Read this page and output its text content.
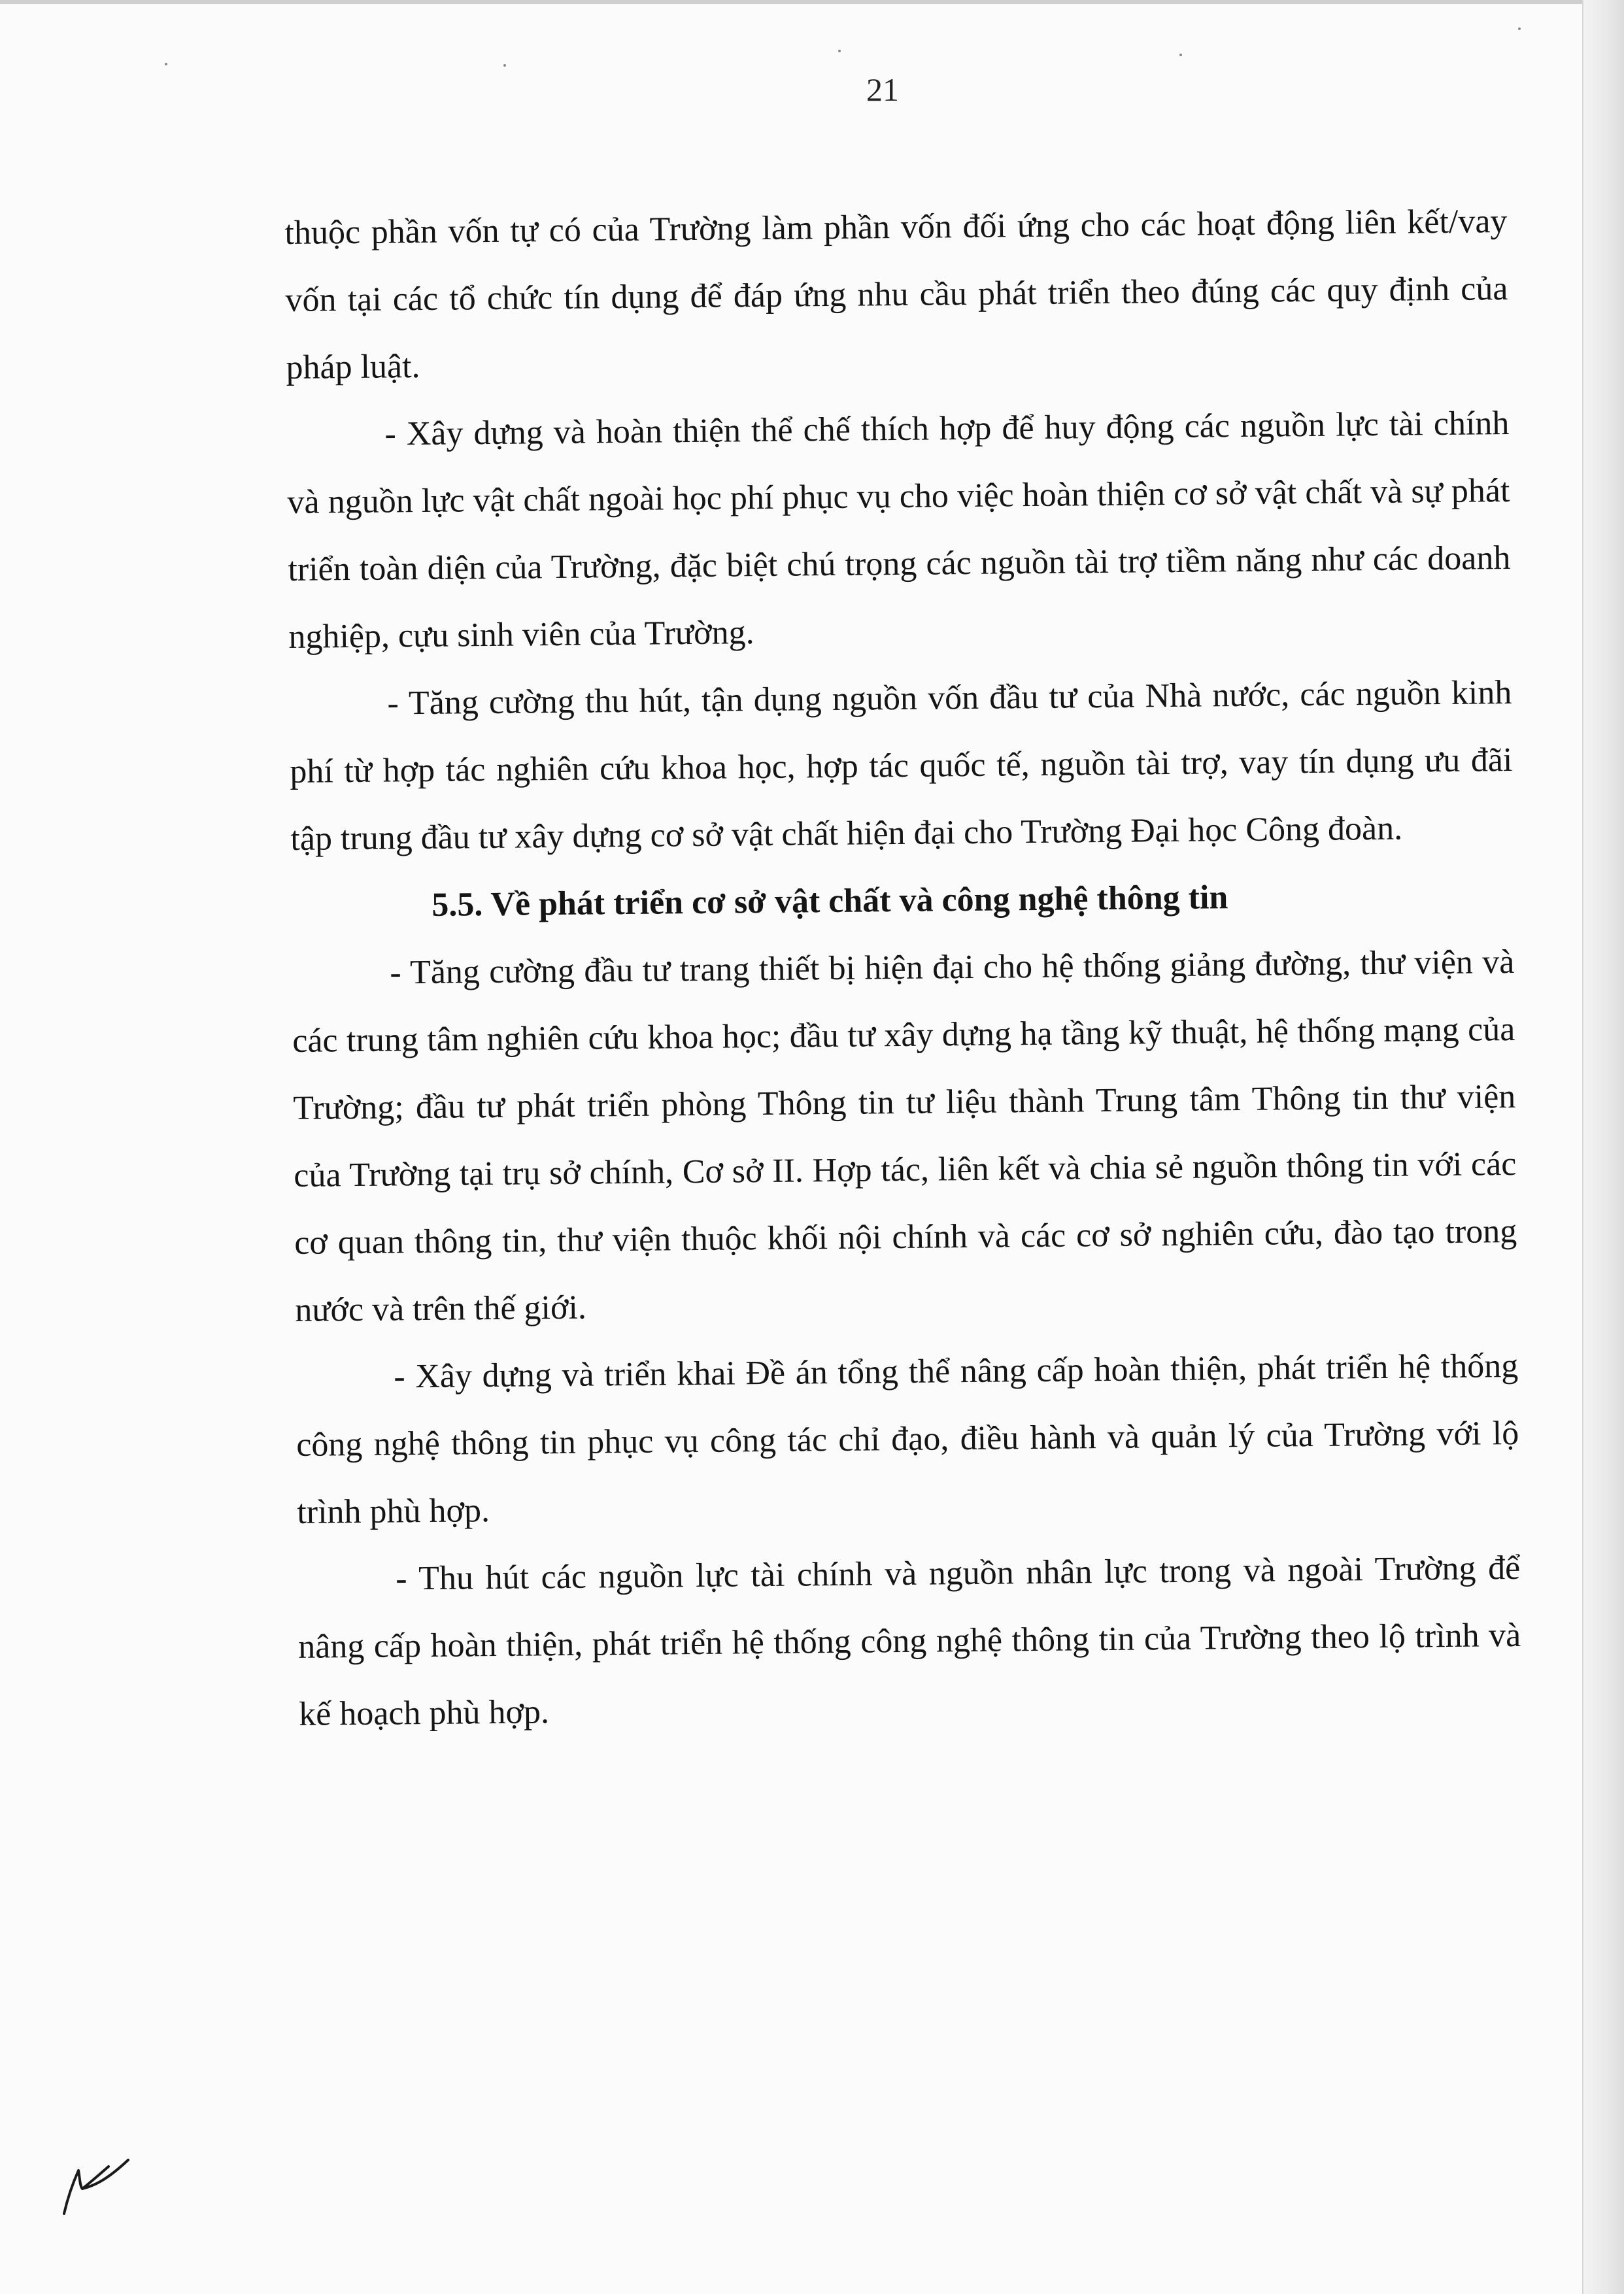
21

thuộc phần vốn tự có của Trường làm phần vốn đối ứng cho các hoạt động liên kết/vay vốn tại các tổ chức tín dụng để đáp ứng nhu cầu phát triển theo đúng các quy định của pháp luật.

- Xây dựng và hoàn thiện thể chế thích hợp để huy động các nguồn lực tài chính và nguồn lực vật chất ngoài học phí phục vụ cho việc hoàn thiện cơ sở vật chất và sự phát triển toàn diện của Trường, đặc biệt chú trọng các nguồn tài trợ tiềm năng như các doanh nghiệp, cựu sinh viên của Trường.

- Tăng cường thu hút, tận dụng nguồn vốn đầu tư của Nhà nước, các nguồn kinh phí từ hợp tác nghiên cứu khoa học, hợp tác quốc tế, nguồn tài trợ, vay tín dụng ưu đãi tập trung đầu tư xây dựng cơ sở vật chất hiện đại cho Trường Đại học Công đoàn.

5.5. Về phát triển cơ sở vật chất và công nghệ thông tin

- Tăng cường đầu tư trang thiết bị hiện đại cho hệ thống giảng đường, thư viện và các trung tâm nghiên cứu khoa học; đầu tư xây dựng hạ tầng kỹ thuật, hệ thống mạng của Trường; đầu tư phát triển phòng Thông tin tư liệu thành Trung tâm Thông tin thư viện của Trường tại trụ sở chính, Cơ sở II. Hợp tác, liên kết và chia sẻ nguồn thông tin với các cơ quan thông tin, thư viện thuộc khối nội chính và các cơ sở nghiên cứu, đào tạo trong nước và trên thế giới.

- Xây dựng và triển khai Đề án tổng thể nâng cấp hoàn thiện, phát triển hệ thống công nghệ thông tin phục vụ công tác chỉ đạo, điều hành và quản lý của Trường với lộ trình phù hợp.

- Thu hút các nguồn lực tài chính và nguồn nhân lực trong và ngoài Trường để nâng cấp hoàn thiện, phát triển hệ thống công nghệ thông tin của Trường theo lộ trình và kế hoạch phù hợp.
